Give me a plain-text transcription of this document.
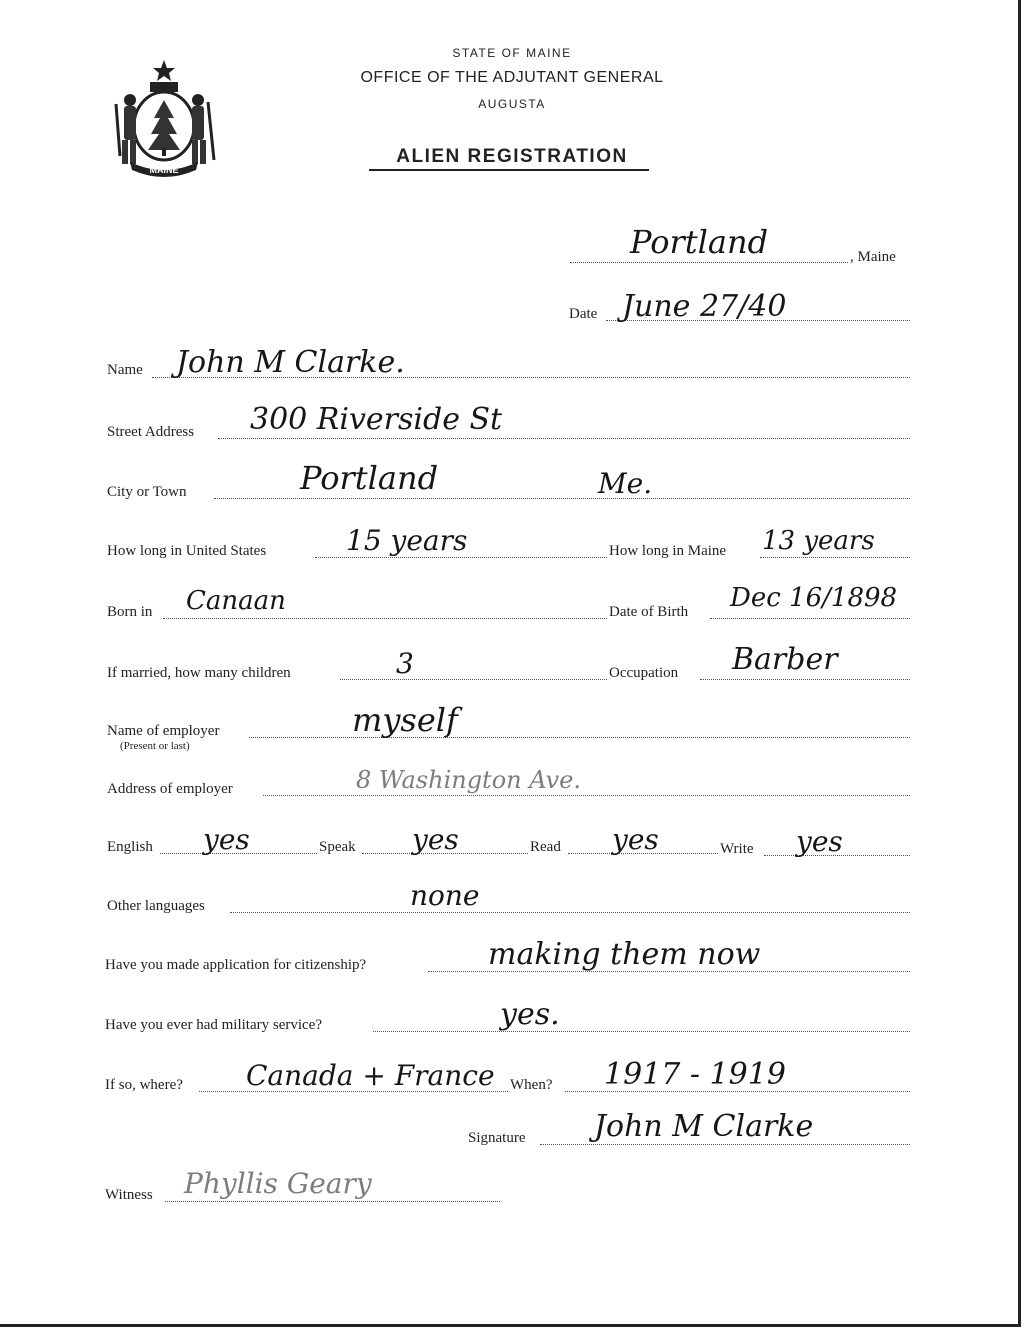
MAINE
STATE OF MAINE
OFFICE OF THE ADJUTANT GENERAL
AUGUSTA
ALIEN REGISTRATION
Portland	, Maine
Date June 27/40
Name John M Clarke.
Street Address 300 Riverside St
City or Town	Portland	Me.
How long in United States	15 years	How long in Maine 13 years
Born in Canaan	Date of Birth Dec 16/1898
If married, how many children	3	Occupation Barber
Name of employer
(Present or last)
myself
Address of employer	8 Washington Ave.
English yes	Speak yes	Read yes	Write yes
Other languages	none
Have you made application for citizenship?	making them now
Have you ever had military service?	yes.
If so, where? Canada + France When? 1917 - 1919
Signature John M Clarke
Witness Phyllis Geary
